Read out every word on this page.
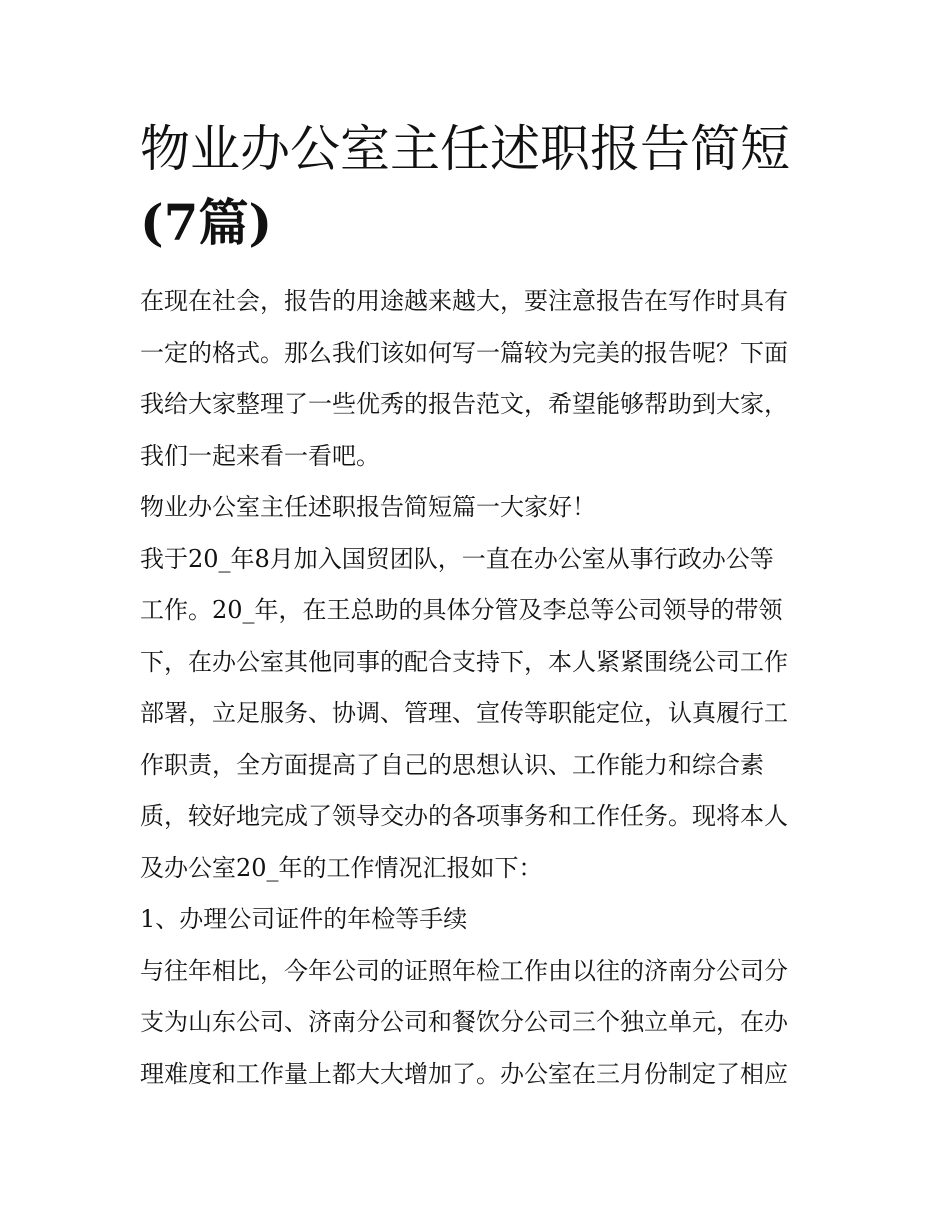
物业办公室主任述职报告简短
(7篇)
在现在社会，报告的用途越来越大，要注意报告在写作时具有
一定的格式。那么我们该如何写一篇较为完美的报告呢？下面
我给大家整理了一些优秀的报告范文，希望能够帮助到大家，
我们一起来看一看吧。
物业办公室主任述职报告简短篇一大家好！
我于20_年8月加入国贸团队，一直在办公室从事行政办公等
工作。20_年，在王总助的具体分管及李总等公司领导的带领
下，在办公室其他同事的配合支持下，本人紧紧围绕公司工作
部署，立足服务、协调、管理、宣传等职能定位，认真履行工
作职责，全方面提高了自己的思想认识、工作能力和综合素
质，较好地完成了领导交办的各项事务和工作任务。现将本人
及办公室20_年的工作情况汇报如下：
1、办理公司证件的年检等手续
与往年相比，今年公司的证照年检工作由以往的济南分公司分
支为山东公司、济南分公司和餐饮分公司三个独立单元，在办
理难度和工作量上都大大增加了。办公室在三月份制定了相应
